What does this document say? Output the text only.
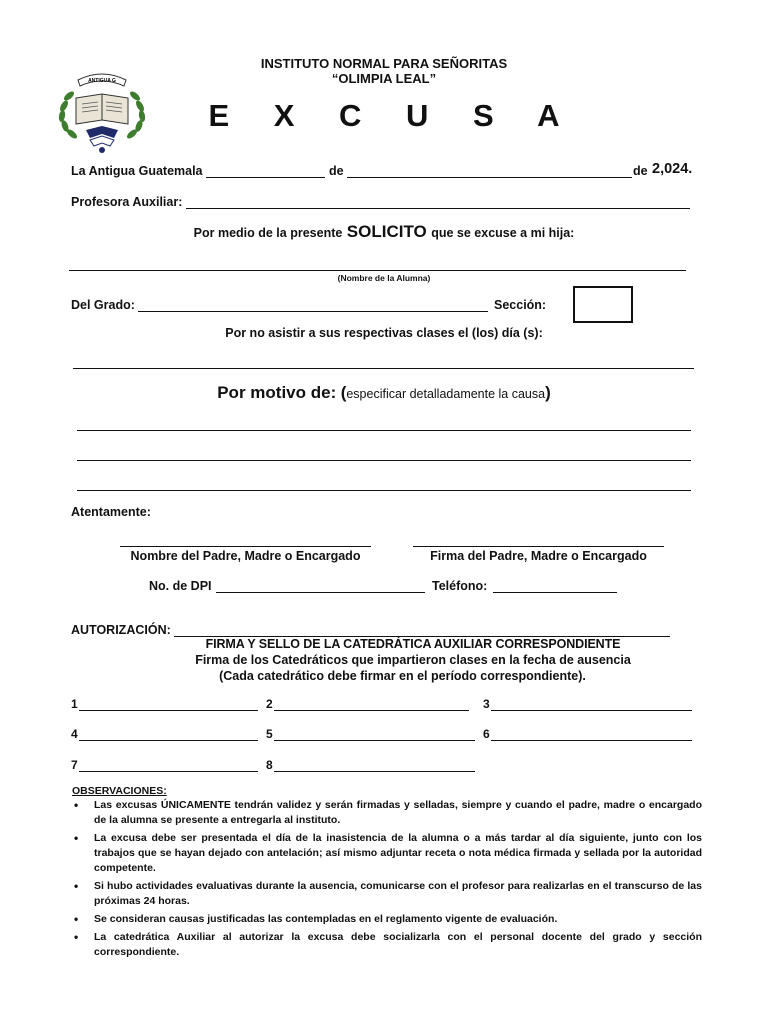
ANTIGUA G
INSTITUTO NORMAL PARA SEÑORITAS
“OLIMPIA LEAL”
E X C U S A
La Antigua Guatemala	de	de 2,024.
Profesora Auxiliar:
Por medio de la presente SOLICITO que se excuse a mi hija:
(Nombre de la Alumna)
Del Grado:	Sección:
Por no asistir a sus respectivas clases el (los) día (s):
Por motivo de: (especificar detalladamente la causa)
Atentamente:
Nombre del Padre, Madre o Encargado	Firma del Padre, Madre o Encargado
No. de DPI	Teléfono:
AUTORIZACIÓN:
FIRMA Y SELLO DE LA CATEDRÁTICA AUXILIAR CORRESPONDIENTE
Firma de los Catedráticos que impartieron clases en la fecha de ausencia
(Cada catedrático debe firmar en el período correspondiente).
1	2	3
4	5	6
7	8
OBSERVACIONES:
• Las excusas ÚNICAMENTE tendrán validez y serán firmadas y selladas, siempre y cuando el padre, madre o encargado de la alumna se presente a entregarla al instituto.
• La excusa debe ser presentada el día de la inasistencia de la alumna o a más tardar al día siguiente, junto con los trabajos que se hayan dejado con antelación; así mismo adjuntar receta o nota médica firmada y sellada por la autoridad competente.
• Si hubo actividades evaluativas durante la ausencia, comunicarse con el profesor para realizarlas en el transcurso de las próximas 24 horas.
• Se consideran causas justificadas las contempladas en el reglamento vigente de evaluación.
• La catedrática Auxiliar al autorizar la excusa debe socializarla con el personal docente del grado y sección correspondiente.
